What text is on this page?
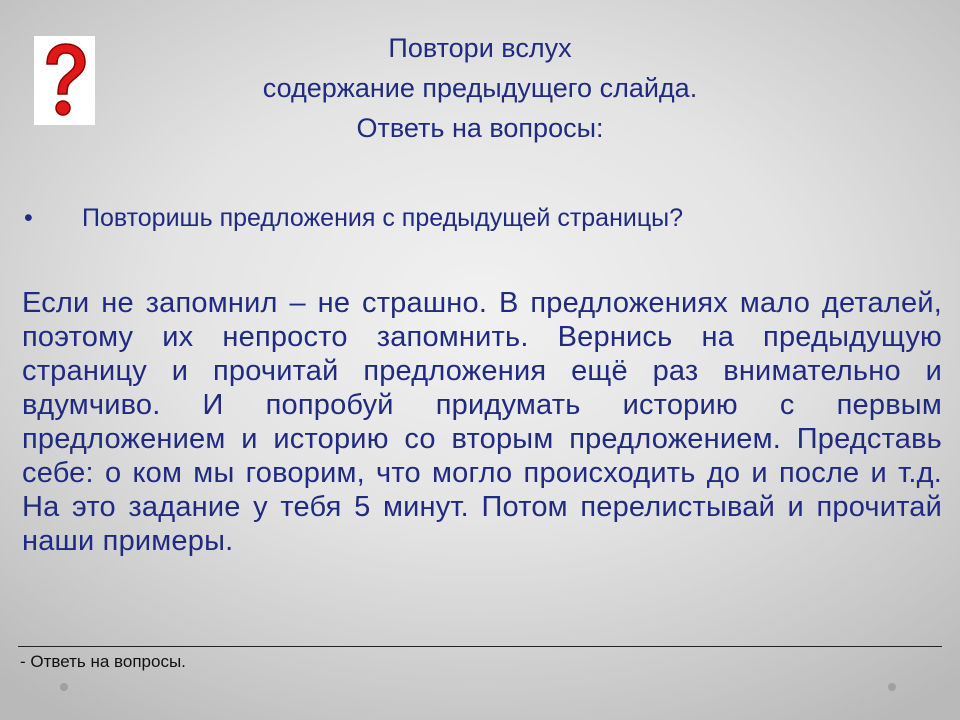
Повтори вслух
содержание предыдущего слайда.
Ответь на вопросы:
• Повторишь предложения с предыдущей страницы?
Если не запомнил – не страшно. В предложениях мало деталей, поэтому их непросто запомнить. Вернись на предыдущую страницу и прочитай предложения ещё раз внимательно и вдумчиво. И попробуй придумать историю с первым предложением и историю со вторым предложением. Представь себе: о ком мы говорим, что могло происходить до и после и т.д. На это задание у тебя 5 минут. Потом перелистывай и прочитай наши примеры.
- Ответь на вопросы.
